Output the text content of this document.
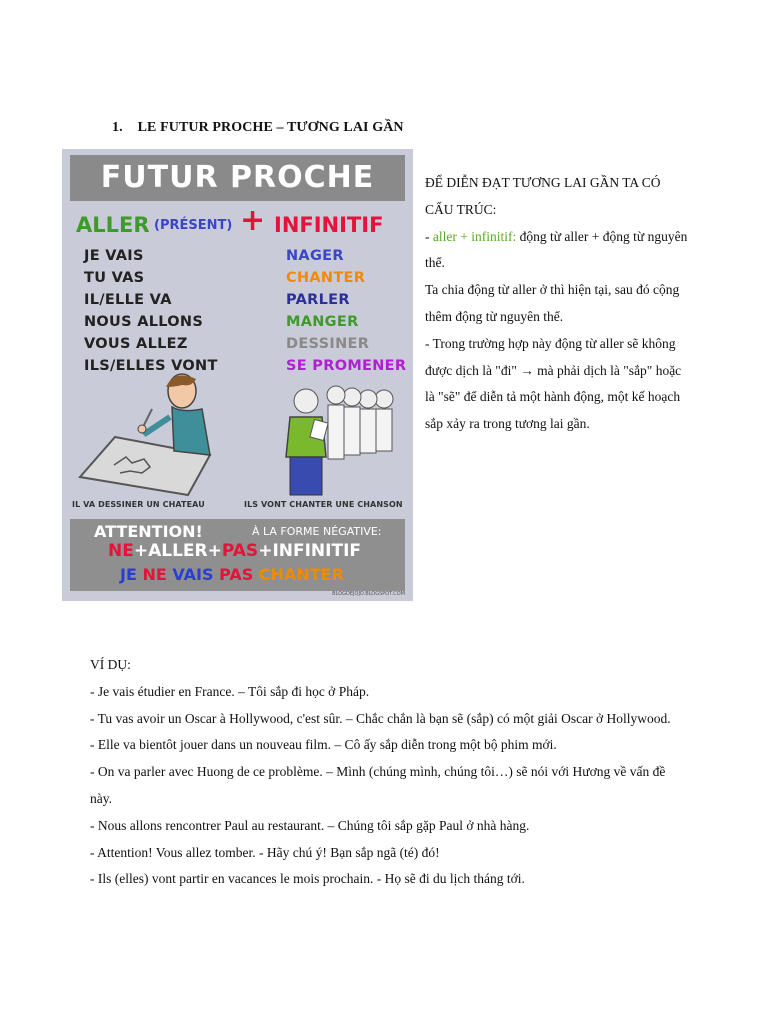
1. LE FUTUR PROCHE – TƯƠNG LAI GẦN
FUTUR PROCHE
ALLER (PRÉSENT) + INFINITIF
JE VAIS
TU VAS
IL/ELLE VA
NOUS ALLONS
VOUS ALLEZ
ILS/ELLES VONT
NAGER
CHANTER
PARLER
MANGER
DESSINER
SE PROMENER
IL VA DESSINER UN CHATEAU	ILS VONT CHANTER UNE CHANSON
ATTENTION!	À LA FORME NÉGATIVE:
NE+ALLER+PAS+INFINITIF
JE NE VAIS PAS CHANTER
BLOGDEJOJO.BLOGSPOT.COM

ĐỂ DIỄN ĐẠT TƯƠNG LAI GẦN TA CÓ CẤU TRÚC:

- aller + infinitif: động từ aller + động từ nguyên thể.

Ta chia động từ aller ở thì hiện tại, sau đó cộng thêm động từ nguyên thể.

- Trong trường hợp này động từ aller sẽ không được dịch là "đi" → mà phải dịch là "sắp" hoặc là "sẽ" để diễn tả một hành động, một kế hoạch sắp xảy ra trong tương lai gần.

VÍ DỤ:

- Je vais étudier en France. – Tôi sắp đi học ở Pháp.

- Tu vas avoir un Oscar à Hollywood, c'est sûr. – Chắc chắn là bạn sẽ (sắp) có một giải Oscar ở Hollywood.

- Elle va bientôt jouer dans un nouveau film. – Cô ấy sắp diễn trong một bộ phim mới.

- On va parler avec Huong de ce problème. – Mình (chúng mình, chúng tôi…) sẽ nói với Hương về vấn đề này.

- Nous allons rencontrer Paul au restaurant. – Chúng tôi sắp gặp Paul ở nhà hàng.

- Attention! Vous allez tomber. - Hãy chú ý! Bạn sắp ngã (té) đó!

- Ils (elles) vont partir en vacances le mois prochain. - Họ sẽ đi du lịch tháng tới.
